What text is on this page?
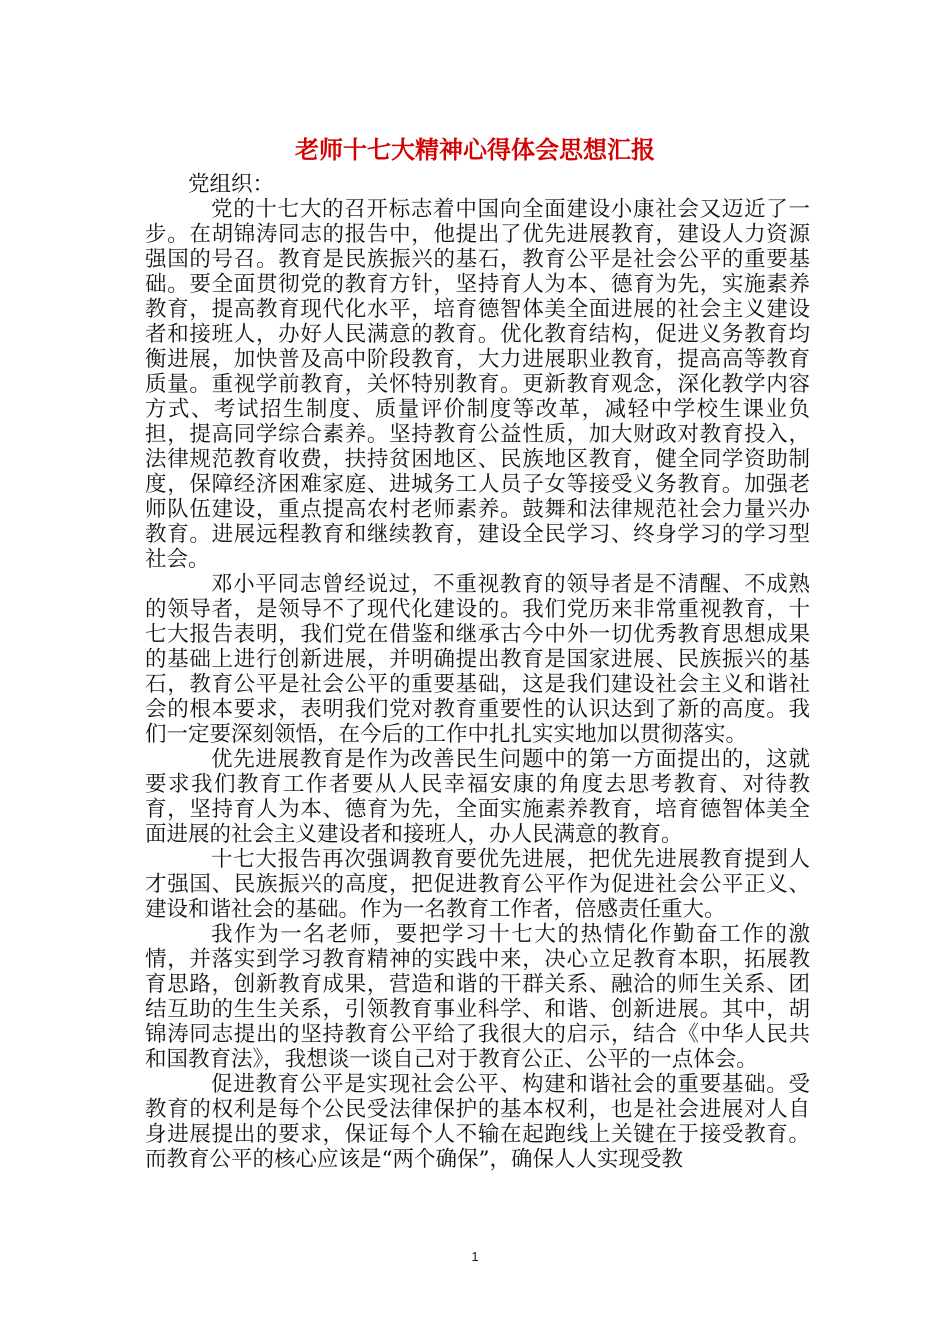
老师十七大精神心得体会思想汇报

党组织：

党的十七大的召开标志着中国向全面建设小康社会又迈近了一步。在胡锦涛同志的报告中，他提出了优先进展教育，建设人力资源强国的号召。教育是民族振兴的基石，教育公平是社会公平的重要基础。要全面贯彻党的教育方针，坚持育人为本、德育为先，实施素养教育，提高教育现代化水平，培育德智体美全面进展的社会主义建设者和接班人，办好人民满意的教育。优化教育结构，促进义务教育均衡进展，加快普及高中阶段教育，大力进展职业教育，提高高等教育质量。重视学前教育，关怀特别教育。更新教育观念，深化教学内容方式、考试招生制度、质量评价制度等改革，减轻中学校生课业负担，提高同学综合素养。坚持教育公益性质，加大财政对教育投入，法律规范教育收费，扶持贫困地区、民族地区教育，健全同学资助制度，保障经济困难家庭、进城务工人员子女等接受义务教育。加强老师队伍建设，重点提高农村老师素养。鼓舞和法律规范社会力量兴办教育。进展远程教育和继续教育，建设全民学习、终身学习的学习型社会。

邓小平同志曾经说过，不重视教育的领导者是不清醒、不成熟的领导者，是领导不了现代化建设的。我们党历来非常重视教育，十七大报告表明，我们党在借鉴和继承古今中外一切优秀教育思想成果的基础上进行创新进展，并明确提出教育是国家进展、民族振兴的基石，教育公平是社会公平的重要基础，这是我们建设社会主义和谐社会的根本要求，表明我们党对教育重要性的认识达到了新的高度。我们一定要深刻领悟，在今后的工作中扎扎实实地加以贯彻落实。

优先进展教育是作为改善民生问题中的第一方面提出的，这就要求我们教育工作者要从人民幸福安康的角度去思考教育、对待教育，坚持育人为本、德育为先，全面实施素养教育，培育德智体美全面进展的社会主义建设者和接班人，办人民满意的教育。

十七大报告再次强调教育要优先进展，把优先进展教育提到人才强国、民族振兴的高度，把促进教育公平作为促进社会公平正义、建设和谐社会的基础。作为一名教育工作者，倍感责任重大。

我作为一名老师，要把学习十七大的热情化作勤奋工作的激情，并落实到学习教育精神的实践中来，决心立足教育本职，拓展教育思路，创新教育成果，营造和谐的干群关系、融洽的师生关系、团结互助的生生关系，引领教育事业科学、和谐、创新进展。其中，胡锦涛同志提出的坚持教育公平给了我很大的启示，结合《中华人民共和国教育法》，我想谈一谈自己对于教育公正、公平的一点体会。

促进教育公平是实现社会公平、构建和谐社会的重要基础。受教育的权利是每个公民受法律保护的基本权利，也是社会进展对人自身进展提出的要求，保证每个人不输在起跑线上关键在于接受教育。而教育公平的核心应该是“两个确保”，确保人人实现受教

1
